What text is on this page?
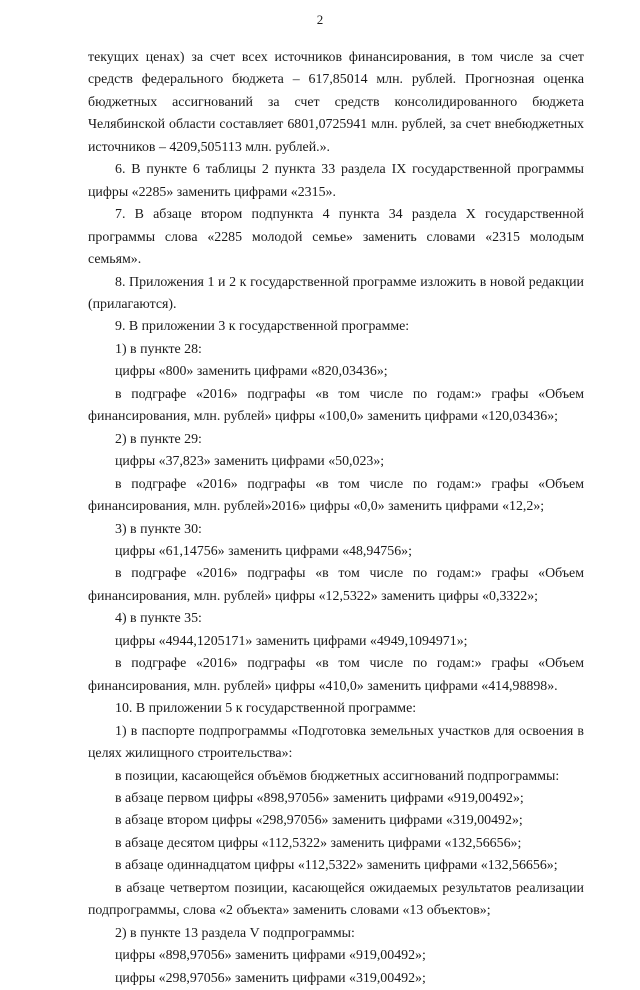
2

текущих ценах) за счет всех источников финансирования, в том числе за счет средств федерального бюджета – 617,85014 млн. рублей. Прогнозная оценка бюджетных ассигнований за счет средств консолидированного бюджета Челябинской области составляет 6801,0725941 млн. рублей, за счет внебюджетных источников – 4209,505113 млн. рублей.».

6. В пункте 6 таблицы 2 пункта 33 раздела IX государственной программы цифры «2285» заменить цифрами «2315».

7. В абзаце втором подпункта 4 пункта 34 раздела X государственной программы слова «2285 молодой семье» заменить словами «2315 молодым семьям».

8. Приложения 1 и 2 к государственной программе изложить в новой редакции (прилагаются).

9. В приложении 3 к государственной программе:

1) в пункте 28:

цифры «800» заменить цифрами «820,03436»;

в подграфе «2016» подграфы «в том числе по годам:» графы «Объем финансирования, млн. рублей» цифры «100,0» заменить цифрами «120,03436»;

2) в пункте 29:

цифры «37,823» заменить цифрами «50,023»;

в подграфе «2016» подграфы «в том числе по годам:» графы «Объем финансирования, млн. рублей»2016» цифры «0,0» заменить цифрами «12,2»;

3) в пункте 30:

цифры «61,14756» заменить цифрами «48,94756»;

в подграфе «2016» подграфы «в том числе по годам:» графы «Объем финансирования, млн. рублей» цифры «12,5322» заменить цифры «0,3322»;

4) в пункте 35:

цифры «4944,1205171» заменить цифрами «4949,1094971»;

в подграфе «2016» подграфы «в том числе по годам:» графы «Объем финансирования, млн. рублей» цифры «410,0» заменить цифрами «414,98898».

10. В приложении 5 к государственной программе:

1) в паспорте подпрограммы «Подготовка земельных участков для освоения в целях жилищного строительства»:

в позиции, касающейся объёмов бюджетных ассигнований подпрограммы:

в абзаце первом цифры «898,97056» заменить цифрами «919,00492»;

в абзаце втором цифры «298,97056» заменить цифрами «319,00492»;

в абзаце десятом цифры «112,5322» заменить цифрами «132,56656»;

в абзаце одиннадцатом цифры «112,5322» заменить цифрами «132,56656»;

в абзаце четвертом позиции, касающейся ожидаемых результатов реализации подпрограммы, слова «2 объекта» заменить словами «13 объектов»;

2) в пункте 13 раздела V подпрограммы:

цифры «898,97056» заменить цифрами «919,00492»;

цифры «298,97056» заменить цифрами «319,00492»;
